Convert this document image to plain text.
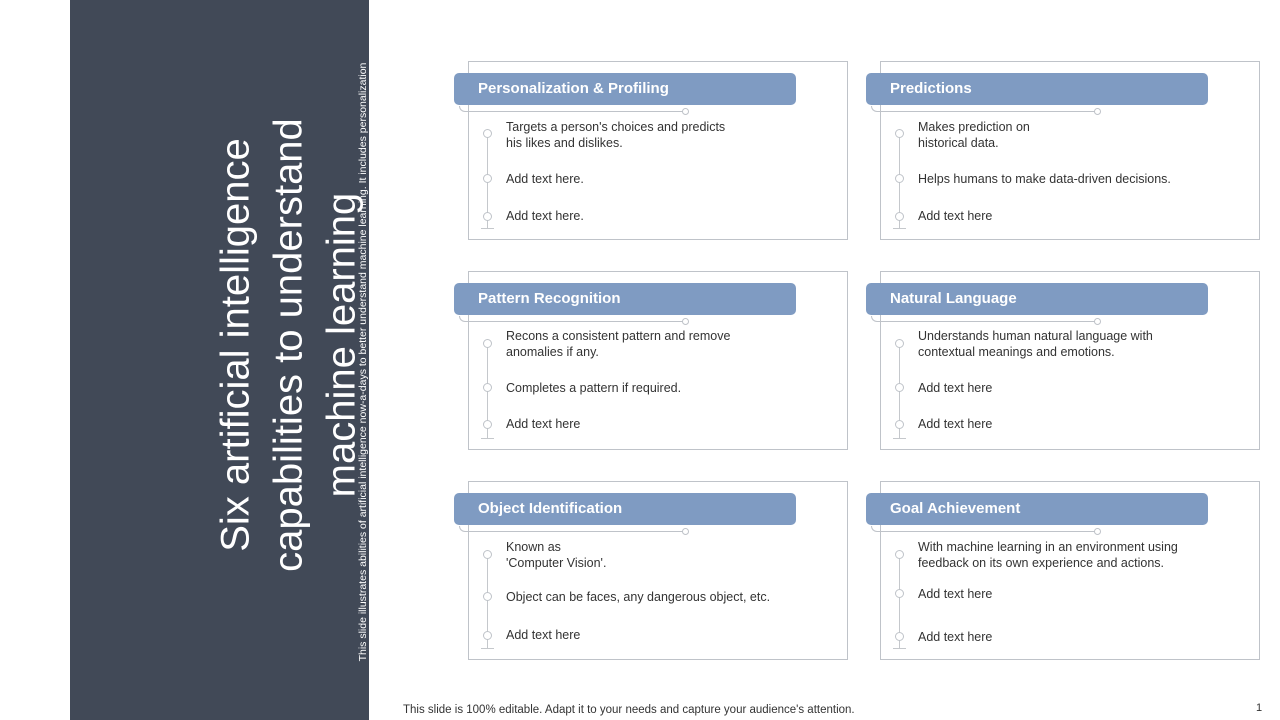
Six artificial intelligence capabilities to understand machine learning
This slide illustrates abilities of artificial intelligence now-a-days to better understand machine learning. It includes personalization and profiling, predictions, pattern recognition, natural language etc.
Personalization & Profiling
Targets a person's choices and predicts
his likes and dislikes.
Add text here.
Add text here.
Predictions
Makes prediction on
historical data.
Helps humans to make data-driven decisions.
Add text here
Pattern Recognition
Recons a consistent pattern and remove
anomalies if any.
Completes a pattern if required.
Add text here
Natural Language
Understands human natural language with
contextual meanings and emotions.
Add text here
Add text here
Object Identification
Known as
'Computer Vision'.
Object can be faces, any dangerous object, etc.
Add text here
Goal Achievement
With machine learning in an environment using
feedback on its own experience and actions.
Add text here
Add text here
This slide is 100% editable. Adapt it to your needs and capture your audience's attention.	1
